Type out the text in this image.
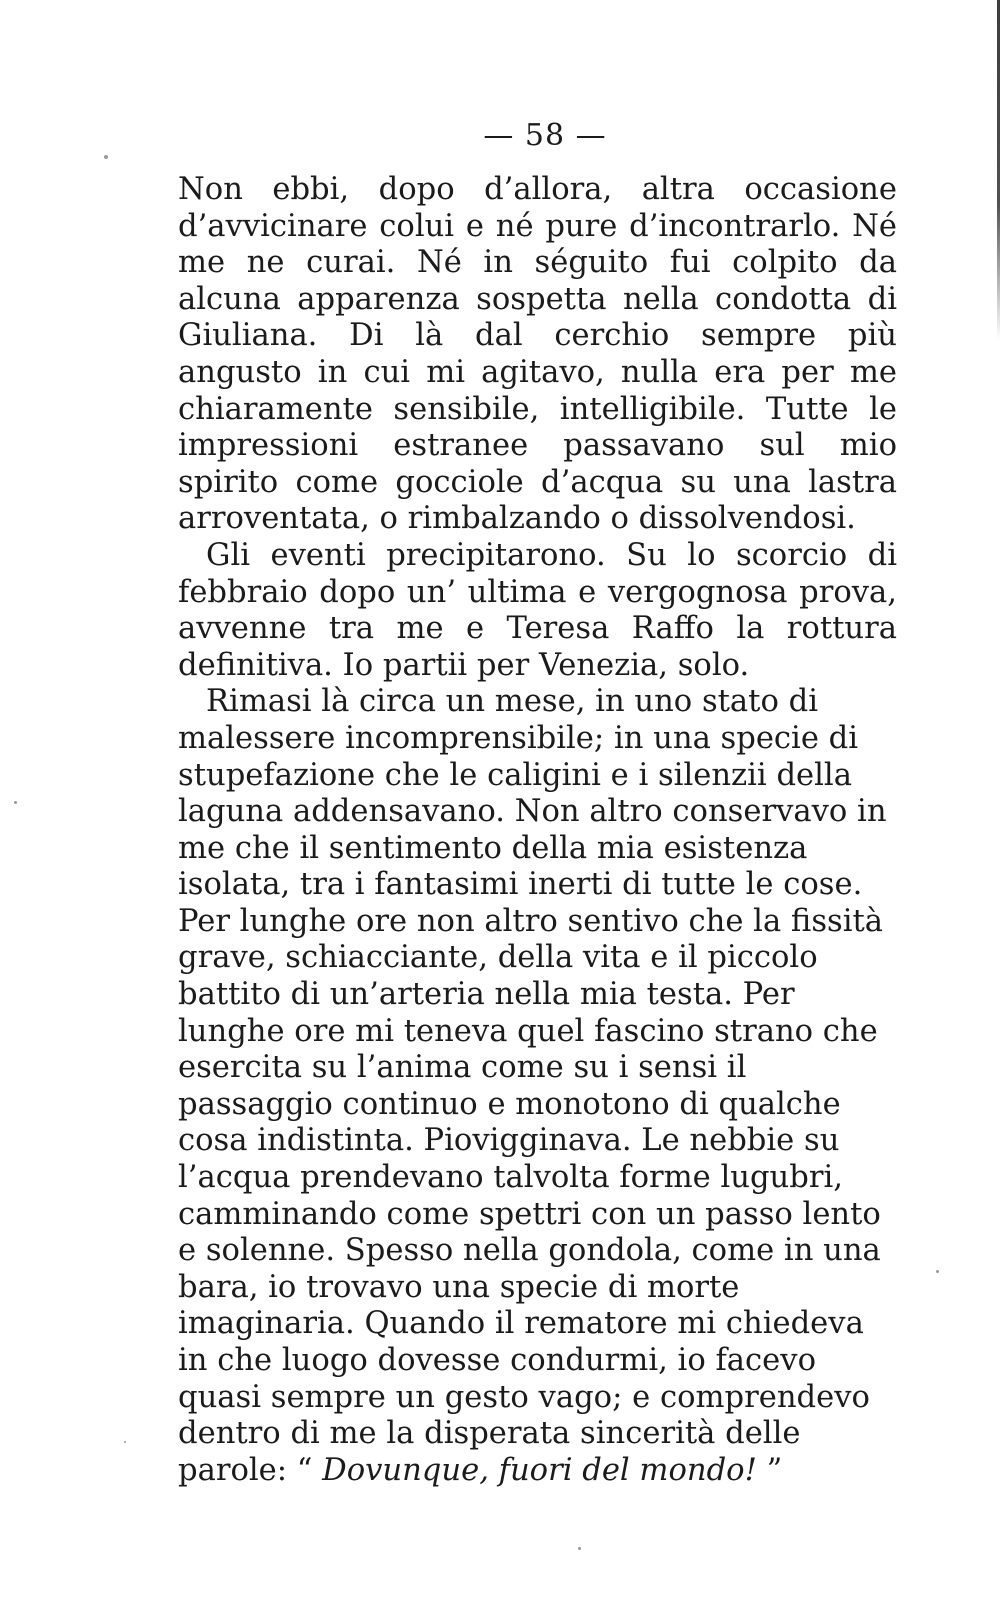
— 58 —

Non ebbi, dopo d’allora, altra occasione d’avvicinare colui e né pure d’incontrarlo. Né me ne curai. Né in séguito fui colpito da alcuna apparenza sospetta nella condotta di Giuliana. Di là dal cerchio sempre più angusto in cui mi agitavo, nulla era per me chiaramente sensibile, intelligibile. Tutte le impressioni estranee passavano sul mio spirito come gocciole d’acqua su una lastra arroventata, o rimbalzando o dissolvendosi.

Gli eventi precipitarono. Su lo scorcio di febbraio dopo un’ ultima e vergognosa prova, avvenne tra me e Teresa Raffo la rottura definitiva. Io partii per Venezia, solo.

Rimasi là circa un mese, in uno stato di malessere incomprensibile; in una specie di stupefazione che le caligini e i silenzii della laguna addensavano. Non altro conservavo in me che il sentimento della mia esistenza isolata, tra i fantasimi inerti di tutte le cose. Per lunghe ore non altro sentivo che la fissità grave, schiacciante, della vita e il piccolo battito di un’arteria nella mia testa. Per lunghe ore mi teneva quel fascino strano che esercita su l’anima come su i sensi il passaggio continuo e monotono di qualche cosa indistinta. Piovigginava. Le nebbie su l’acqua prendevano talvolta forme lugubri, camminando come spettri con un passo lento e solenne. Spesso nella gondola, come in una bara, io trovavo una specie di morte imaginaria. Quando il rematore mi chiedeva in che luogo dovesse condurmi, io facevo quasi sempre un gesto vago; e comprendevo dentro di me la disperata sincerità delle parole: “ Dovunque, fuori del mondo! ”
